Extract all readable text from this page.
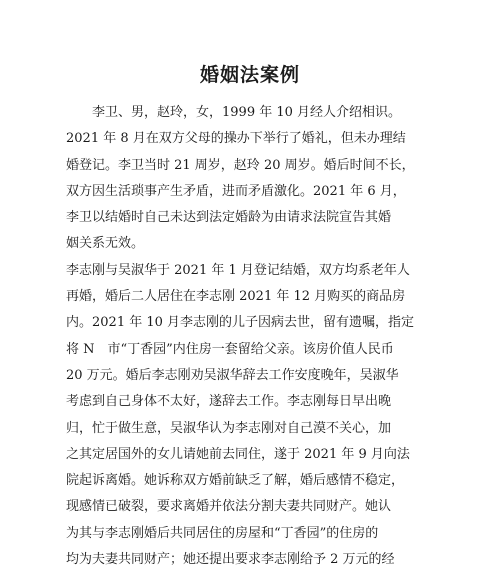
婚姻法案例
　　李卫、男，赵玲，女，1999 年 10 月经人介绍相识。
2021 年 8 月在双方父母的操办下举行了婚礼，但未办理结
婚登记。李卫当时 21 周岁，赵玲 20 周岁。婚后时间不长，
双方因生活琐事产生矛盾，进而矛盾激化。2021 年 6 月，
李卫以结婚时自己未达到法定婚龄为由请求法院宣告其婚
姻关系无效。
李志刚与吴淑华于 2021 年 1 月登记结婚，双方均系老年人
再婚，婚后二人居住在李志刚 2021 年 12 月购买的商品房
内。2021 年 10 月李志刚的儿子因病去世，留有遗嘱，指定
将 N　市“丁香园”内住房一套留给父亲。该房价值人民币
20 万元。婚后李志刚劝吴淑华辞去工作安度晚年，吴淑华
考虑到自己身体不太好，遂辞去工作。李志刚每日早出晚
归，忙于做生意，吴淑华认为李志刚对自己漠不关心，加
之其定居国外的女儿请她前去同住，遂于 2021 年 9 月向法
院起诉离婚。她诉称双方婚前缺乏了解，婚后感情不稳定，
现感情已破裂，要求离婚并依法分割夫妻共同财产。她认
为其与李志刚婚后共同居住的房屋和“丁香园”的住房的
均为夫妻共同财产；她还提出要求李志刚给予 2 万元的经
